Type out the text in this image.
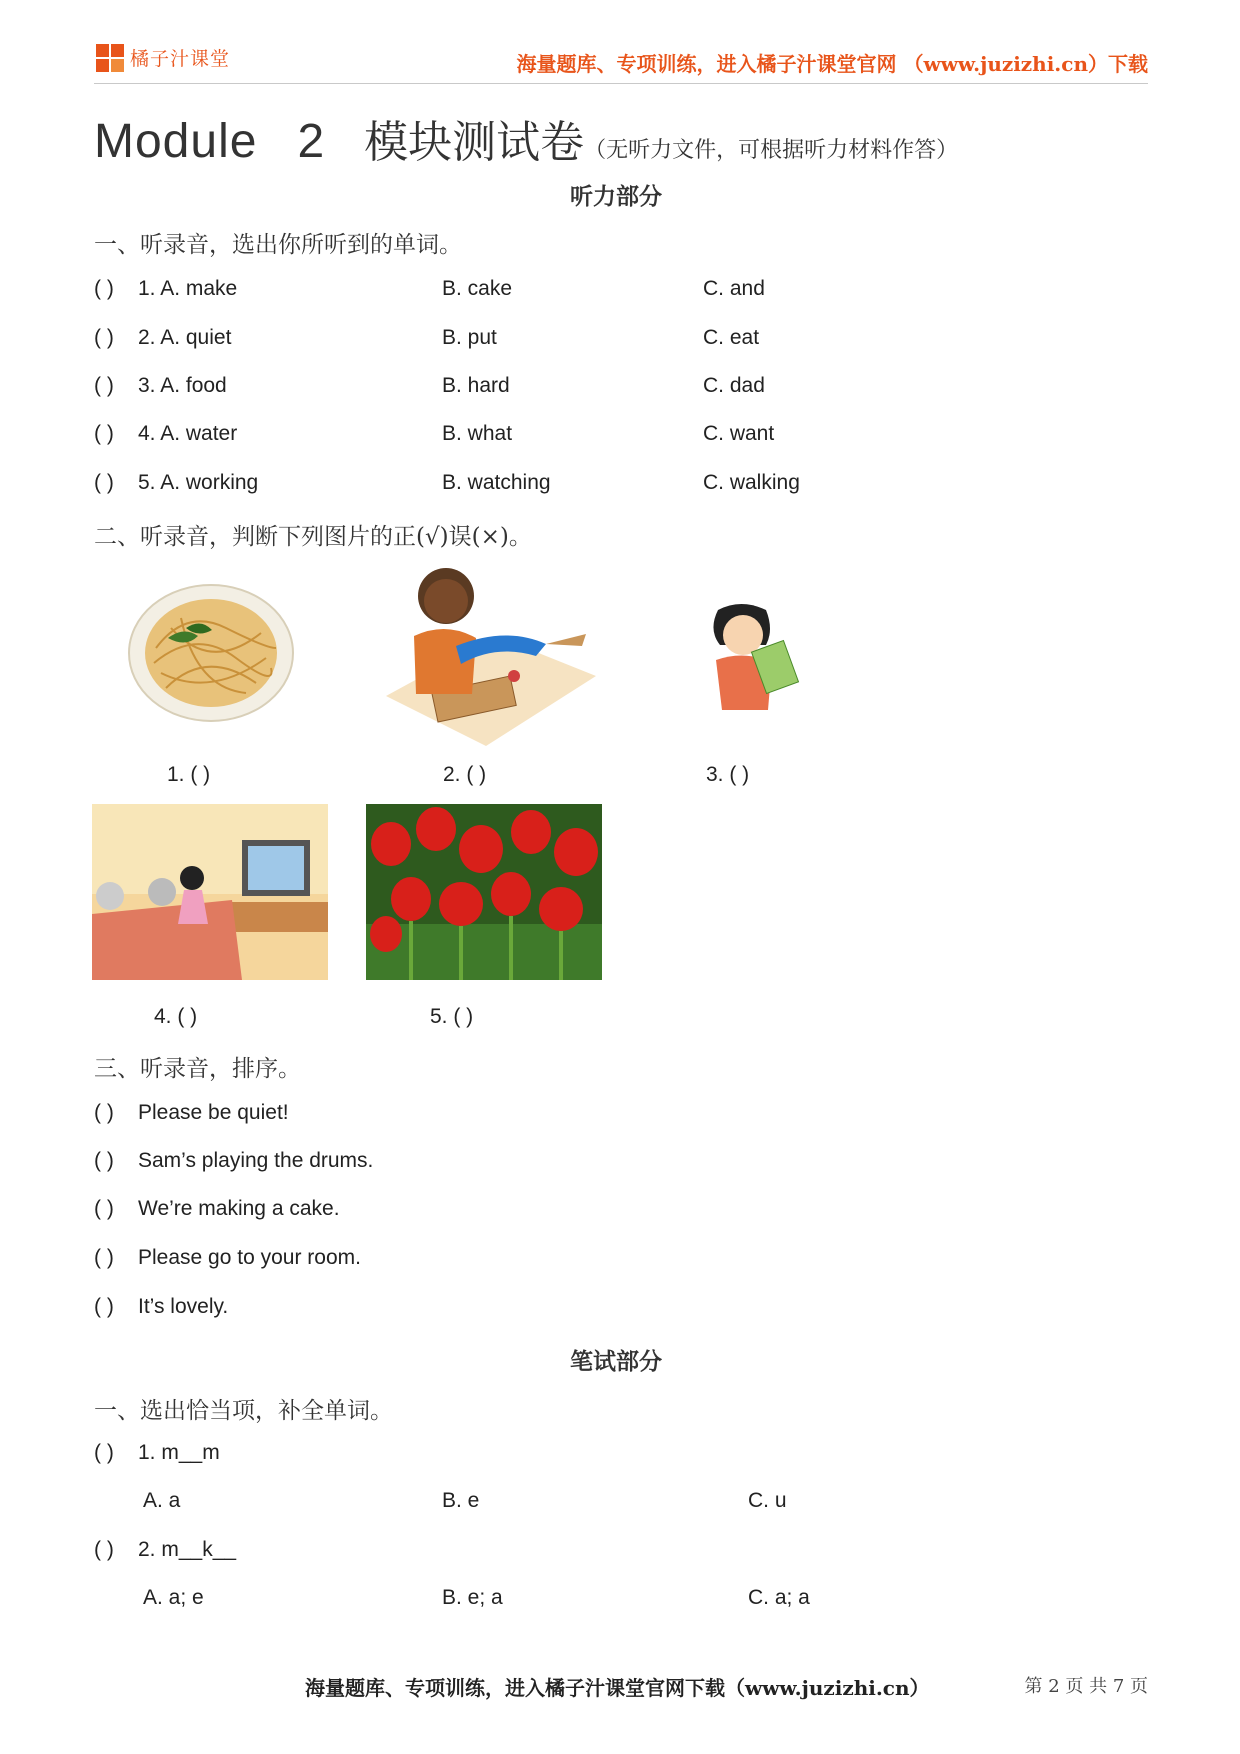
橘子汁课堂	海量题库、专项训练，进入橘子汁课堂官网 （www.juzizhi.cn）下载
Module 2 模块测试卷（无听力文件，可根据听力材料作答）
听力部分
一、听录音，选出你所听到的单词。
( ) 1. A. make	B. cake	C. and
( ) 2. A. quiet	B. put	C. eat
( ) 3. A. food	B. hard	C. dad
( ) 4. A. water	B. what	C. want
( ) 5. A. working	B. watching	C. walking
二、听录音，判断下列图片的正(√)误(×)。
1. ( )	2. ( )	3. ( )
4. ( )	5. ( )
三、听录音，排序。
( ) Please be quiet!
( ) Sam’s playing the drums.
( ) We’re making a cake.
( ) Please go to your room.
( ) It’s lovely.
笔试部分
一、选出恰当项，补全单词。
( ) 1. m__m
A. a	B. e	C. u
( ) 2. m__k__
A. a; e	B. e; a	C. a; a
海量题库、专项训练，进入橘子汁课堂官网下载（www.juzizhi.cn）	第 2 页 共 7 页
